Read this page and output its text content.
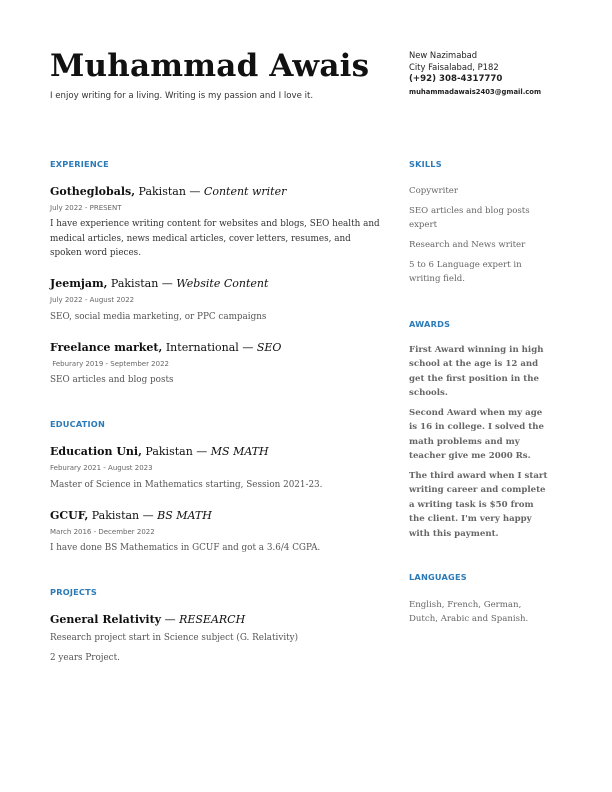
Muhammad Awais
I enjoy writing for a living. Writing is my passion and I love it.
New Nazimabad
City Faisalabad, P182
(+92) 308-4317770
muhammadawais2403@gmail.com
EXPERIENCE
Gotheglobals, Pakistan — Content writer
July 2022 - PRESENT
I have experience writing content for websites and blogs, SEO health and medical articles, news medical articles, cover letters, resumes, and spoken word pieces.
Jeemjam, Pakistan — Website Content
July 2022 - August 2022
SEO, social media marketing, or PPC campaigns
Freelance market, International — SEO
Feburary 2019 - September 2022
SEO articles and blog posts
EDUCATION
Education Uni, Pakistan — MS MATH
Feburary 2021 - August 2023
Master of Science in Mathematics starting, Session 2021-23.
GCUF, Pakistan — BS MATH
March 2016 - December 2022
I have done BS Mathematics in GCUF and got a 3.6/4 CGPA.
PROJECTS
General Relativity — RESEARCH
Research project start in Science subject (G. Relativity)
2 years Project.
SKILLS
Copywriter
SEO articles and blog posts expert
Research and News writer
5 to 6 Language expert in writing field.
AWARDS
First Award winning in high school at the age is 12 and get the first position in the schools.
Second Award when my age is 16 in college. I solved the math problems and my teacher give me 2000 Rs.
The third award when I start writing career and complete a writing task is $50 from the client. I'm very happy with this payment.
LANGUAGES
English, French, German, Dutch, Arabic and Spanish.
